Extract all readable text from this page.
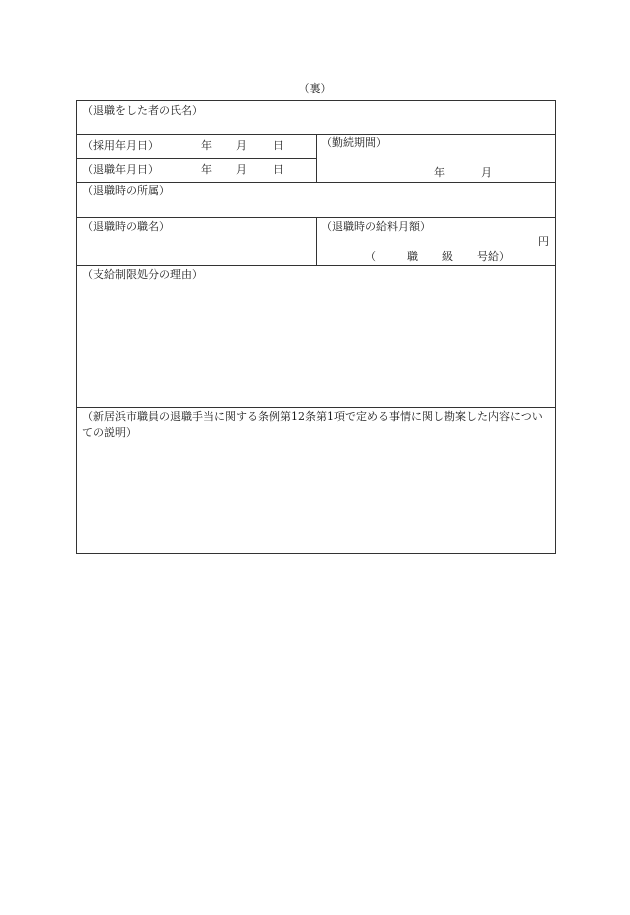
（裏）
（退職をした者の氏名）
（採用年月日）	年 月 日
（退職年月日）	年 月 日
（勤続期間）
年	月
（退職時の所属）
（退職時の職名）	（退職時の給料月額）
円
（	職 級 号給）
（支給制限処分の理由）
（新居浜市職員の退職手当に関する条例第12条第1項で定める事情に関し勘案した内容についての説明）
